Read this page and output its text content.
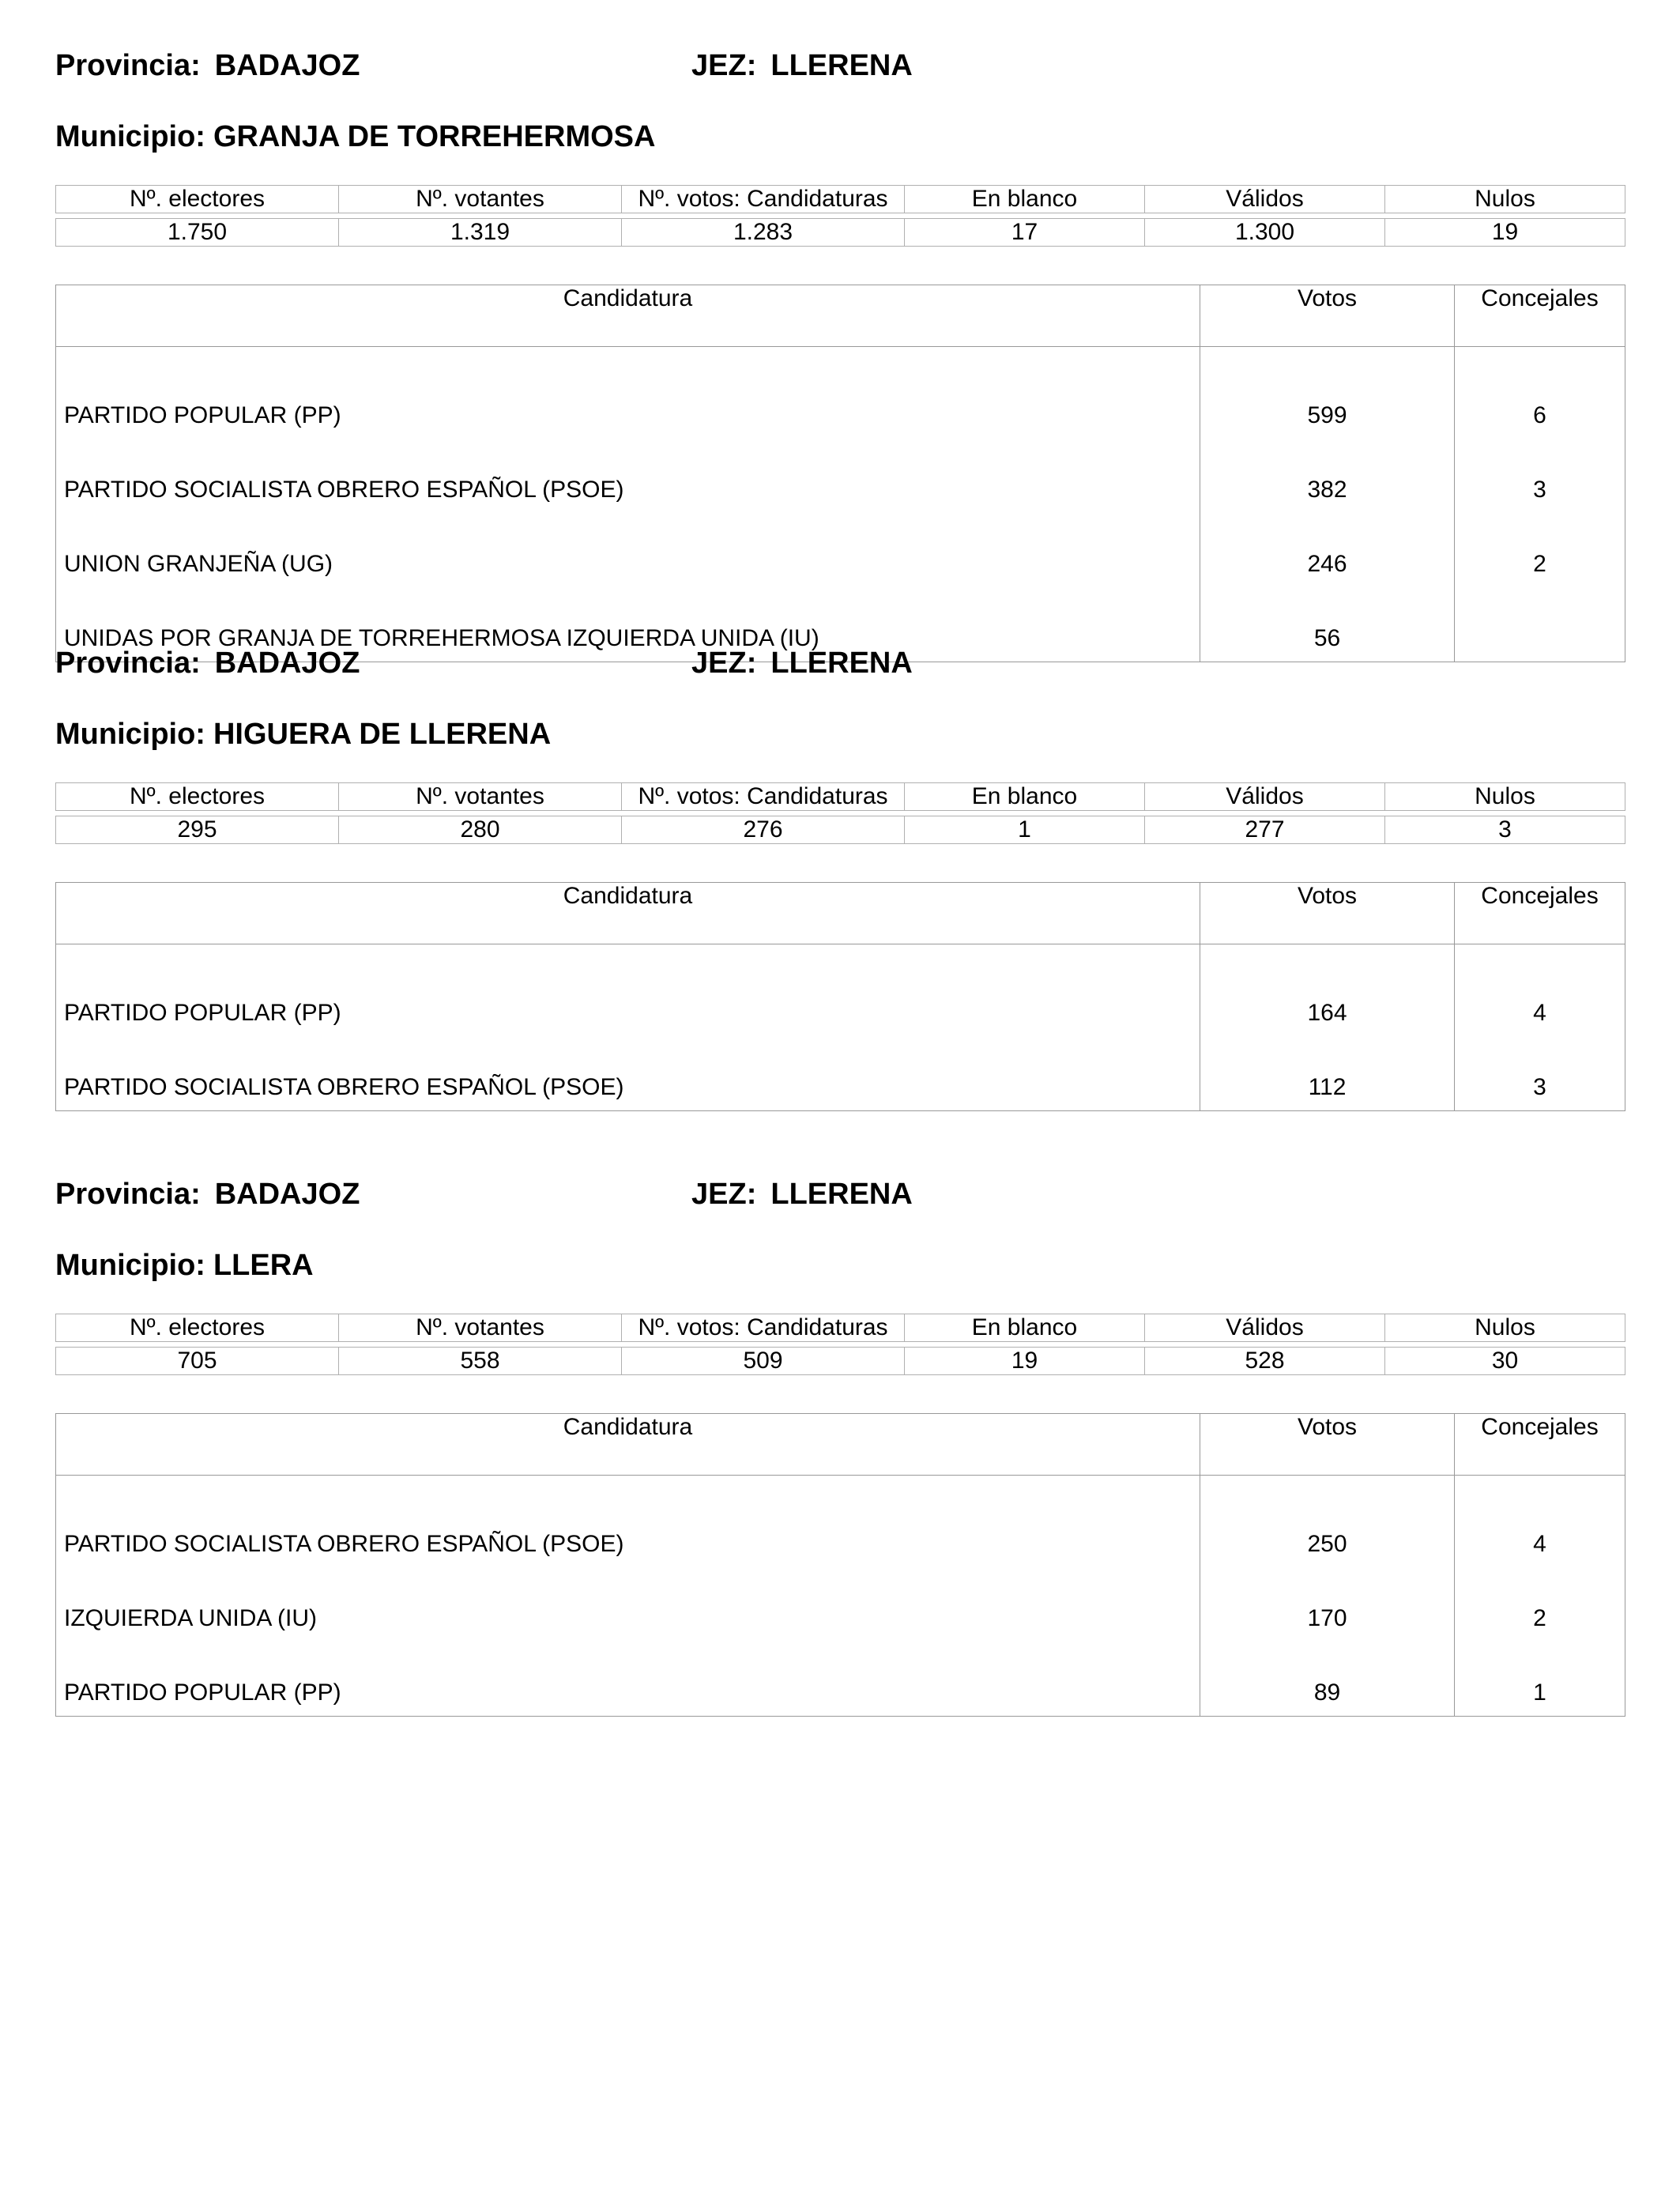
Provincia: BADAJOZ	JEZ: LLERENA
Municipio: GRANJA DE TORREHERMOSA
Nº. electores	Nº. votantes	Nº. votos: Candidaturas	En blanco	Válidos	Nulos

1.750	1.319	1.283	17	1.300	19
Candidatura	Votos	Concejales
PARTIDO POPULAR (PP)	599	6
PARTIDO SOCIALISTA OBRERO ESPAÑOL (PSOE)	382	3
UNION GRANJEÑA (UG)	246	2
UNIDAS POR GRANJA DE TORREHERMOSA IZQUIERDA UNIDA (IU)	56	
Provincia: BADAJOZ	JEZ: LLERENA
Municipio: HIGUERA DE LLERENA
Nº. electores	Nº. votantes	Nº. votos: Candidaturas	En blanco	Válidos	Nulos

295	280	276	1	277	3
Candidatura	Votos	Concejales
PARTIDO POPULAR (PP)	164	4
PARTIDO SOCIALISTA OBRERO ESPAÑOL (PSOE)	112	3
Provincia: BADAJOZ	JEZ: LLERENA
Municipio: LLERA
Nº. electores	Nº. votantes	Nº. votos: Candidaturas	En blanco	Válidos	Nulos

705	558	509	19	528	30
Candidatura	Votos	Concejales
PARTIDO SOCIALISTA OBRERO ESPAÑOL (PSOE)	250	4
IZQUIERDA UNIDA (IU)	170	2
PARTIDO POPULAR (PP)	89	1
